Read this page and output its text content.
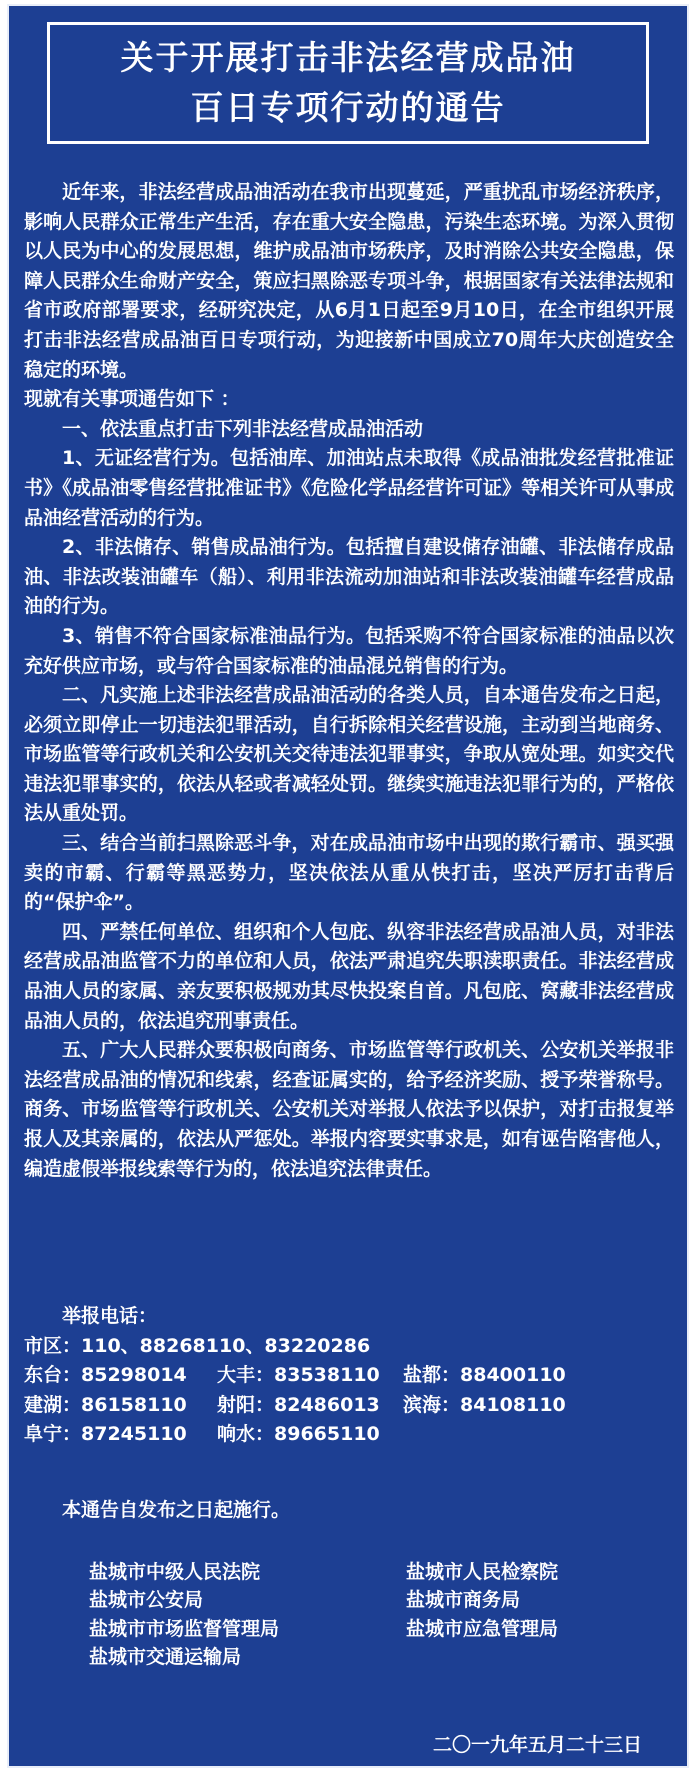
关于开展打击非法经营成品油
百日专项行动的通告

近年来，非法经营成品油活动在我市出现蔓延，严重扰乱市场经济秩序，影响人民群众正常生产生活，存在重大安全隐患，污染生态环境。为深入贯彻以人民为中心的发展思想，维护成品油市场秩序，及时消除公共安全隐患，保障人民群众生命财产安全，策应扫黑除恶专项斗争，根据国家有关法律法规和省市政府部署要求，经研究决定，从6月1日起至9月10日，在全市组织开展打击非法经营成品油百日专项行动，为迎接新中国成立70周年大庆创造安全稳定的环境。

现就有关事项通告如下 ：

一、依法重点打击下列非法经营成品油活动

1、无证经营行为。包括油库、加油站点未取得《成品油批发经营批准证书》《成品油零售经营批准证书》《危险化学品经营许可证》等相关许可从事成品油经营活动的行为。

2、非法储存、销售成品油行为。包括擅自建设储存油罐、非法储存成品油、非法改装油罐车（船）、利用非法流动加油站和非法改装油罐车经营成品油的行为。

3、销售不符合国家标准油品行为。包括采购不符合国家标准的油品以次充好供应市场，或与符合国家标准的油品混兑销售的行为。

二、凡实施上述非法经营成品油活动的各类人员，自本通告发布之日起，必须立即停止一切违法犯罪活动，自行拆除相关经营设施，主动到当地商务、市场监管等行政机关和公安机关交待违法犯罪事实，争取从宽处理。如实交代违法犯罪事实的，依法从轻或者减轻处罚。继续实施违法犯罪行为的，严格依法从重处罚。

三、结合当前扫黑除恶斗争，对在成品油市场中出现的欺行霸市、强买强卖的市霸、行霸等黑恶势力，坚决依法从重从快打击，坚决严厉打击背后的“保护伞”。

四、严禁任何单位、组织和个人包庇、纵容非法经营成品油人员，对非法经营成品油监管不力的单位和人员，依法严肃追究失职渎职责任。非法经营成品油人员的家属、亲友要积极规劝其尽快投案自首。凡包庇、窝藏非法经营成品油人员的，依法追究刑事责任。

五、广大人民群众要积极向商务、市场监管等行政机关、公安机关举报非法经营成品油的情况和线索，经查证属实的，给予经济奖励、授予荣誉称号。商务、市场监管等行政机关、公安机关对举报人依法予以保护，对打击报复举报人及其亲属的，依法从严惩处。举报内容要实事求是，如有诬告陷害他人，编造虚假举报线索等行为的，依法追究法律责任。

举报电话：
市区：110、88268110、83220286
东台：85298014	大丰：83538110	盐都：88400110
建湖：86158110	射阳：82486013	滨海：84108110
阜宁：87245110	响水：89665110
本通告自发布之日起施行。
盐城市中级人民法院	盐城市人民检察院
盐城市公安局	盐城市商务局
盐城市市场监督管理局	盐城市应急管理局
盐城市交通运输局
二〇一九年五月二十三日
